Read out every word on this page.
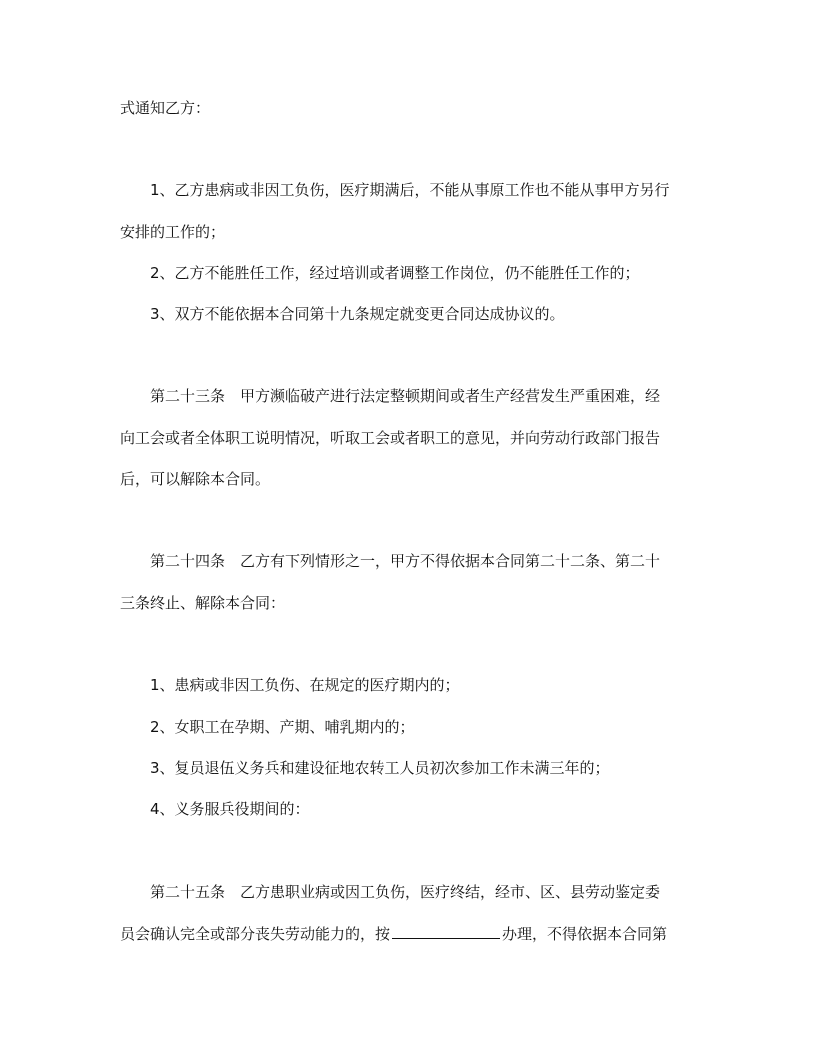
式通知乙方：
1、乙方患病或非因工负伤，医疗期满后，不能从事原工作也不能从事甲方另行
安排的工作的；
2、乙方不能胜任工作，经过培训或者调整工作岗位，仍不能胜任工作的；
3、双方不能依据本合同第十九条规定就变更合同达成协议的。
第二十三条　甲方濒临破产进行法定整顿期间或者生产经营发生严重困难，经
向工会或者全体职工说明情况，听取工会或者职工的意见，并向劳动行政部门报告
后，可以解除本合同。
第二十四条　乙方有下列情形之一，甲方不得依据本合同第二十二条、第二十
三条终止、解除本合同：
1、患病或非因工负伤、在规定的医疗期内的；
2、女职工在孕期、产期、哺乳期内的；
3、复员退伍义务兵和建设征地农转工人员初次参加工作未满三年的；
4、义务服兵役期间的：
第二十五条　乙方患职业病或因工负伤，医疗终结，经市、区、县劳动鉴定委
员会确认完全或部分丧失劳动能力的，按	办理，不得依据本合同第
